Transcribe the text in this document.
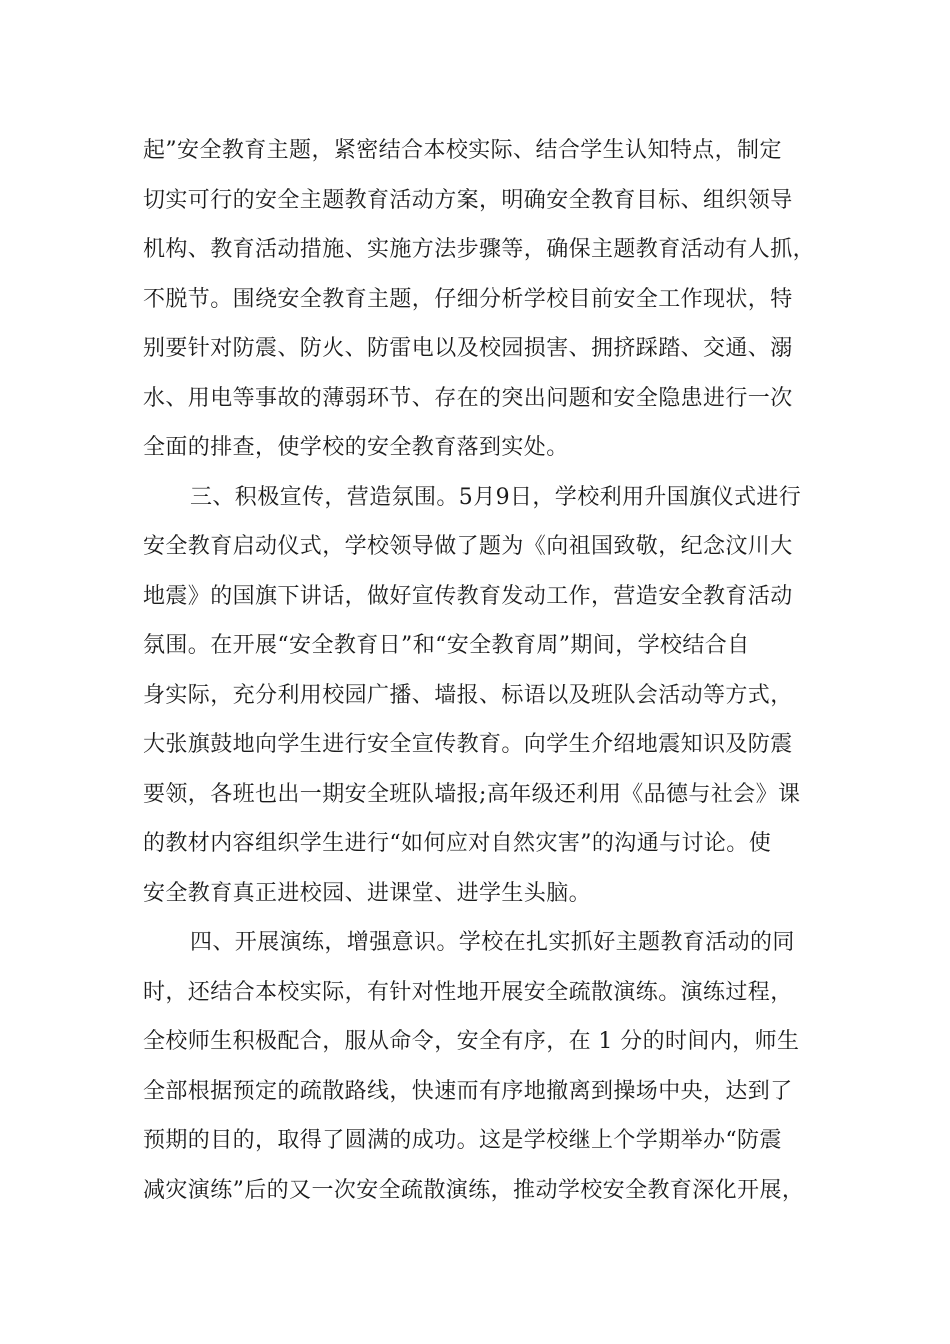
起”安全教育主题，紧密结合本校实际、结合学生认知特点，制定
切实可行的安全主题教育活动方案，明确安全教育目标、组织领导
机构、教育活动措施、实施方法步骤等，确保主题教育活动有人抓，
不脱节。围绕安全教育主题，仔细分析学校目前安全工作现状，特
别要针对防震、防火、防雷电以及校园损害、拥挤踩踏、交通、溺
水、用电等事故的薄弱环节、存在的突出问题和安全隐患进行一次
全面的排查，使学校的安全教育落到实处。
三、积极宣传，营造氛围。5月9日，学校利用升国旗仪式进行
安全教育启动仪式，学校领导做了题为《向祖国致敬，纪念汶川大
地震》的国旗下讲话，做好宣传教育发动工作，营造安全教育活动
氛围。在开展“安全教育日”和“安全教育周”期间，学校结合自
身实际，充分利用校园广播、墙报、标语以及班队会活动等方式，
大张旗鼓地向学生进行安全宣传教育。向学生介绍地震知识及防震
要领，各班也出一期安全班队墙报;高年级还利用《品德与社会》课
的教材内容组织学生进行“如何应对自然灾害”的沟通与讨论。使
安全教育真正进校园、进课堂、进学生头脑。
四、开展演练，增强意识。学校在扎实抓好主题教育活动的同
时，还结合本校实际，有针对性地开展安全疏散演练。演练过程，
全校师生积极配合，服从命令，安全有序，在 1 分的时间内，师生
全部根据预定的疏散路线，快速而有序地撤离到操场中央，达到了
预期的目的，取得了圆满的成功。这是学校继上个学期举办“防震
减灾演练”后的又一次安全疏散演练，推动学校安全教育深化开展，
